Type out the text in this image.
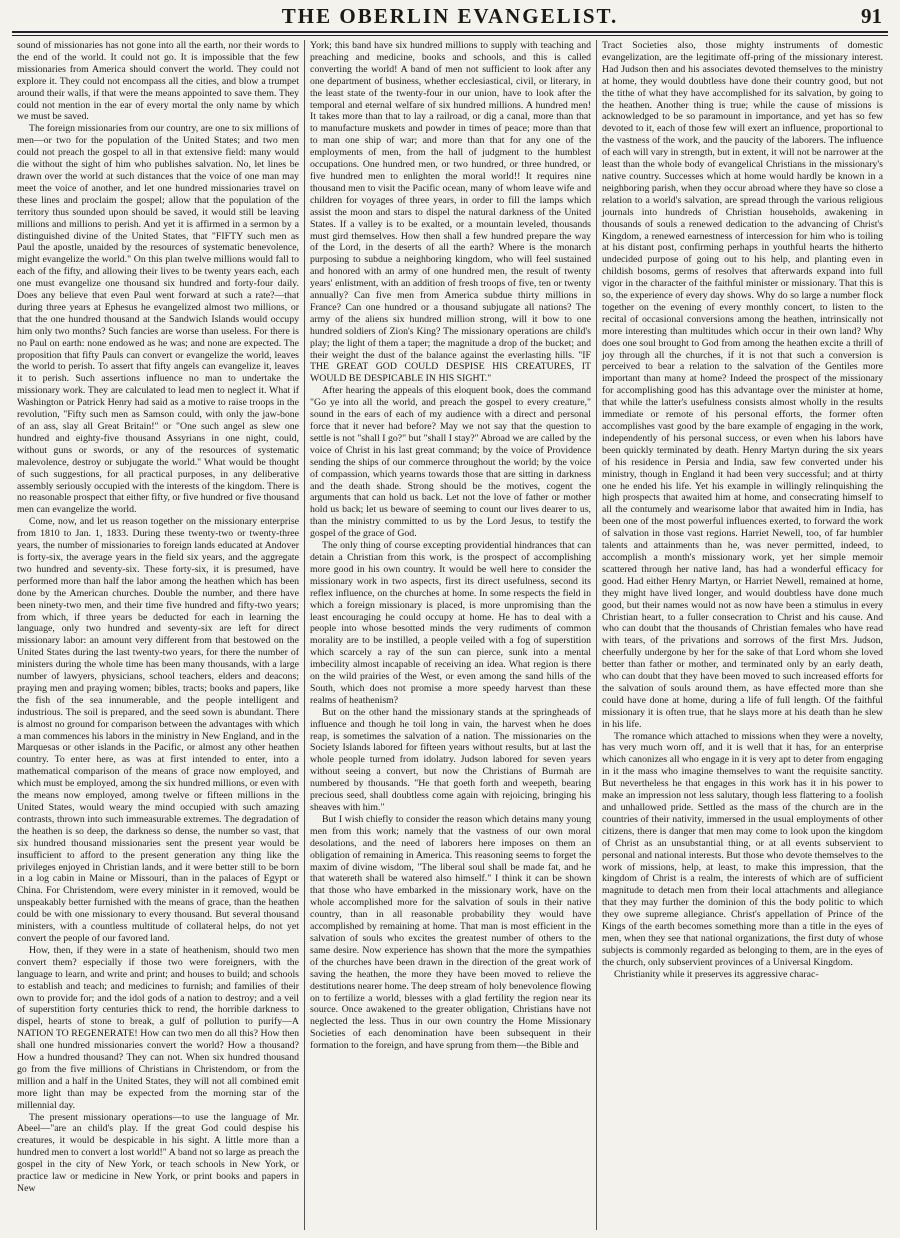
THE OBERLIN EVANGELIST.	91

sound of missionaries has not gone into all the earth, nor their words to the end of the world. It could not go. It is impossible that the few missionaries from America should convert the world. They could not explore it. They could not encompass all the cities, and blow a trumpet around their walls, if that were the means appointed to save them. They could not mention in the ear of every mortal the only name by which we must be saved.

The foreign missionaries from our country, are one to six millions of men—or two for the population of the United States; and two men could not preach the gospel to all in that extensive field: many would die without the sight of him who publishes salvation. No, let lines be drawn over the world at such distances that the voice of one man may meet the voice of another, and let one hundred missionaries travel on these lines and proclaim the gospel; allow that the population of the territory thus sounded upon should be saved, it would still be leaving millions and millions to perish. And yet it is affirmed in a sermon by a distinguished divine of the United States, that "FIFTY such men as Paul the apostle, unaided by the resources of systematic benevolence, might evangelize the world." On this plan twelve millions would fall to each of the fifty, and allowing their lives to be twenty years each, each one must evangelize one thousand six hundred and forty-four daily. Does any believe that even Paul went forward at such a rate?—that during three years at Ephesus he evangelized almost two millions, or that the one hundred thousand at the Sandwich Islands would occupy him only two months? Such fancies are worse than useless. For there is no Paul on earth: none endowed as he was; and none are expected. The proposition that fifty Pauls can convert or evangelize the world, leaves the world to perish. To assert that fifty angels can evangelize it, leaves it to perish. Such assertions influence no man to undertake the missionary work. They are calculated to lead men to neglect it. What if Washington or Patrick Henry had said as a motive to raise troops in the revolution, "Fifty such men as Samson could, with only the jaw-bone of an ass, slay all Great Britain!" or "One such angel as slew one hundred and eighty-five thousand Assyrians in one night, could, without guns or swords, or any of the resources of systematic malevolence, destroy or subjugate the world." What would be thought of such suggestions, for all practical purposes, in any deliberative assembly seriously occupied with the interests of the kingdom. There is no reasonable prospect that either fifty, or five hundred or five thousand men can evangelize the world.

Come, now, and let us reason together on the missionary enterprise from 1810 to Jan. 1, 1833. During these twenty-two or twenty-three years, the number of missionaries to foreign lands educated at Andover is forty-six, the average years in the field six years, and the aggregate two hundred and seventy-six. These forty-six, it is presumed, have performed more than half the labor among the heathen which has been done by the American churches. Double the number, and there have been ninety-two men, and their time five hundred and fifty-two years; from which, if three years be deducted for each in learning the language, only two hundred and seventy-six are left for direct missionary labor: an amount very different from that bestowed on the United States during the last twenty-two years, for there the number of ministers during the whole time has been many thousands, with a large number of lawyers, physicians, school teachers, elders and deacons; praying men and praying women; bibles, tracts; books and papers, like the fish of the sea innumerable, and the people intelligent and industrious. The soil is prepared, and the seed sown is abundant. There is almost no ground for comparison between the advantages with which a man commences his labors in the ministry in New England, and in the Marquesas or other islands in the Pacific, or almost any other heathen country. To enter here, as was at first intended to enter, into a mathematical comparison of the means of grace now employed, and which must be employed, among the six hundred millions, or even with the means now employed, among twelve or fifteen millions in the United States, would weary the mind occupied with such amazing contrasts, thrown into such immeasurable extremes. The degradation of the heathen is so deep, the darkness so dense, the number so vast, that six hundred thousand missionaries sent the present year would be insufficient to afford to the present generation any thing like the privileges enjoyed in Christian lands, and it were better still to be born in a log cabin in Maine or Missouri, than in the palaces of Egypt or China. For Christendom, were every minister in it removed, would be unspeakably better furnished with the means of grace, than the heathen could be with one missionary to every thousand. But several thousand ministers, with a countless multitude of collateral helps, do not yet convert the people of our favored land.

How, then, if they were in a state of heathenism, should two men convert them? especially if those two were foreigners, with the language to learn, and write and print; and houses to build; and schools to establish and teach; and medicines to furnish; and families of their own to provide for; and the idol gods of a nation to destroy; and a veil of superstition forty centuries thick to rend, the horrible darkness to dispel, hearts of stone to break, a gulf of pollution to purify—A NATION TO REGENERATE! How can two men do all this? How then shall one hundred missionaries convert the world? How a thousand? How a hundred thousand? They can not. When six hundred thousand go from the five millions of Christians in Christendom, or from the million and a half in the United States, they will not all combined emit more light than may be expected from the morning star of the millennial day.

The present missionary operations—to use the language of Mr. Abeel—"are an child's play. If the great God could despise his creatures, it would be despicable in his sight. A little more than a hundred men to convert a lost world!" A band not so large as preach the gospel in the city of New York, or teach schools in New York, or practice law or medicine in New York, or print books and papers in New

York; this band have six hundred millions to supply with teaching and preaching and medicine, books and schools, and this is called converting the world! A band of men not sufficient to look after any one department of business, whether ecclesiastical, civil, or literary, in the least state of the twenty-four in our union, have to look after the temporal and eternal welfare of six hundred millions. A hundred men! It takes more than that to lay a railroad, or dig a canal, more than that to manufacture muskets and powder in times of peace; more than that to man one ship of war; and more than that for any one of the employments of men, from the hall of judgment to the humblest occupations. One hundred men, or two hundred, or three hundred, or five hundred men to enlighten the moral world!! It requires nine thousand men to visit the Pacific ocean, many of whom leave wife and children for voyages of three years, in order to fill the lamps which assist the moon and stars to dispel the natural darkness of the United States. If a valley is to be exalted, or a mountain leveled, thousands must gird themselves. How then shall a few hundred prepare the way of the Lord, in the deserts of all the earth? Where is the monarch purposing to subdue a neighboring kingdom, who will feel sustained and honored with an army of one hundred men, the result of twenty years' enlistment, with an addition of fresh troops of five, ten or twenty annually? Can five men from America subdue thirty millions in France? Can one hundred or a thousand subjugate all nations? The army of the aliens six hundred million strong, will it bow to one hundred soldiers of Zion's King? The missionary operations are child's play; the light of them a taper; the magnitude a drop of the bucket; and their weight the dust of the balance against the everlasting hills. "IF THE GREAT GOD COULD DESPISE HIS CREATURES, IT WOULD BE DESPICABLE IN HIS SIGHT."

After hearing the appeals of this eloquent book, does the command "Go ye into all the world, and preach the gospel to every creature," sound in the ears of each of my audience with a direct and personal force that it never had before? May we not say that the question to settle is not "shall I go?" but "shall I stay?" Abroad we are called by the voice of Christ in his last great command; by the voice of Providence sending the ships of our commerce throughout the world; by the voice of compassion, which yearns towards those that are sitting in darkness and the death shade. Strong should be the motives, cogent the arguments that can hold us back. Let not the love of father or mother hold us back; let us beware of seeming to count our lives dearer to us, than the ministry committed to us by the Lord Jesus, to testify the gospel of the grace of God.

The only thing of course excepting providential hindrances that can detain a Christian from this work, is the prospect of accomplishing more good in his own country. It would be well here to consider the missionary work in two aspects, first its direct usefulness, second its reflex influence, on the churches at home. In some respects the field in which a foreign missionary is placed, is more unpromising than the least encouraging he could occupy at home. He has to deal with a people into whose besotted minds the very rudiments of common morality are to be instilled, a people veiled with a fog of superstition which scarcely a ray of the sun can pierce, sunk into a mental imbecility almost incapable of receiving an idea. What region is there on the wild prairies of the West, or even among the sand hills of the South, which does not promise a more speedy harvest than these realms of heathenism?

But on the other hand the missionary stands at the springheads of influence and though he toil long in vain, the harvest when he does reap, is sometimes the salvation of a nation. The missionaries on the Society Islands labored for fifteen years without results, but at last the whole people turned from idolatry. Judson labored for seven years without seeing a convert, but now the Christians of Burmah are numbered by thousands. "He that goeth forth and weepeth, bearing precious seed, shall doubtless come again with rejoicing, bringing his sheaves with him."

But I wish chiefly to consider the reason which detains many young men from this work; namely that the vastness of our own moral desolations, and the need of laborers here imposes on them an obligation of remaining in America. This reasoning seems to forget the maxim of divine wisdom, "The liberal soul shall be made fat, and he that watereth shall be watered also himself." I think it can be shown that those who have embarked in the missionary work, have on the whole accomplished more for the salvation of souls in their native country, than in all reasonable probability they would have accomplished by remaining at home. That man is most efficient in the salvation of souls who excites the greatest number of others to the same desire. Now experience has shown that the more the sympathies of the churches have been drawn in the direction of the great work of saving the heathen, the more they have been moved to relieve the destitutions nearer home. The deep stream of holy benevolence flowing on to fertilize a world, blesses with a glad fertility the region near its source. Once awakened to the greater obligation, Christians have not neglected the less. Thus in our own country the Home Missionary Societies of each denomination have been subsequent in their formation to the foreign, and have sprung from them—the Bible and

Tract Societies also, those mighty instruments of domestic evangelization, are the legitimate off-pring of the missionary interest. Had Judson then and his associates devoted themselves to the ministry at home, they would doubtless have done their country good, but not the tithe of what they have accomplished for its salvation, by going to the heathen. Another thing is true; while the cause of missions is acknowledged to be so paramount in importance, and yet has so few devoted to it, each of those few will exert an influence, proportional to the vastness of the work, and the paucity of the laborers. The influence of each will vary in strength, but in extent, it will not be narrower at the least than the whole body of evangelical Christians in the missionary's native country. Successes which at home would hardly be known in a neighboring parish, when they occur abroad where they have so close a relation to a world's salvation, are spread through the various religious journals into hundreds of Christian households, awakening in thousands of souls a renewed dedication to the advancing of Christ's Kingdom, a renewed earnestness of intercession for him who is toiling at his distant post, confirming perhaps in youthful hearts the hitherto undecided purpose of going out to his help, and planting even in childish bosoms, germs of resolves that afterwards expand into full vigor in the character of the faithful minister or missionary. That this is so, the experience of every day shows. Why do so large a number flock together on the evening of every monthly concert, to listen to the recital of occasional conversions among the heathen, intrinsically not more interesting than multitudes which occur in their own land? Why does one soul brought to God from among the heathen excite a thrill of joy through all the churches, if it is not that such a conversion is perceived to bear a relation to the salvation of the Gentiles more important than many at home? Indeed the prospect of the missionary for accomplishing good has this advantage over the minister at home, that while the latter's usefulness consists almost wholly in the results immediate or remote of his personal efforts, the former often accomplishes vast good by the bare example of engaging in the work, independently of his personal success, or even when his labors have been quickly terminated by death. Henry Martyn during the six years of his residence in Persia and India, saw few converted under his ministry, though in England it had been very successful; and at thirty one he ended his life. Yet his example in willingly relinquishing the high prospects that awaited him at home, and consecrating himself to all the contumely and wearisome labor that awaited him in India, has been one of the most powerful influences exerted, to forward the work of salvation in those vast regions. Harriet Newell, too, of far humbler talents and attainments than he, was never permitted, indeed, to accomplish a month's missionary work, yet her simple memoir scattered through her native land, has had a wonderful efficacy for good. Had either Henry Martyn, or Harriet Newell, remained at home, they might have lived longer, and would doubtless have done much good, but their names would not as now have been a stimulus in every Christian heart, to a fuller consecration to Christ and his cause. And who can doubt that the thousands of Christian females who have read with tears, of the privations and sorrows of the first Mrs. Judson, cheerfully undergone by her for the sake of that Lord whom she loved better than father or mother, and terminated only by an early death, who can doubt that they have been moved to such increased efforts for the salvation of souls around them, as have effected more than she could have done at home, during a life of full length. Of the faithful missionary it is often true, that he slays more at his death than he slew in his life.

The romance which attached to missions when they were a novelty, has very much worn off, and it is well that it has, for an enterprise which canonizes all who engage in it is very apt to deter from engaging in it the mass who imagine themselves to want the requisite sanctity. But nevertheless he that engages in this work has it in his power to make an impression not less salutary, though less flattering to a foolish and unhallowed pride. Settled as the mass of the church are in the countries of their nativity, immersed in the usual employments of other citizens, there is danger that men may come to look upon the kingdom of Christ as an unsubstantial thing, or at all events subservient to personal and national interests. But those who devote themselves to the work of missions, help, at least, to make this impression, that the kingdom of Christ is a realm, the interests of which are of sufficient magnitude to detach men from their local attachments and allegiance that they may further the dominion of this the body politic to which they owe supreme allegiance. Christ's appellation of Prince of the Kings of the earth becomes something more than a title in the eyes of men, when they see that national organizations, the first duty of whose subjects is commonly regarded as belonging to them, are in the eyes of the church, only subservient provinces of a Universal Kingdom.

Christianity while it preserves its aggressive charac-
